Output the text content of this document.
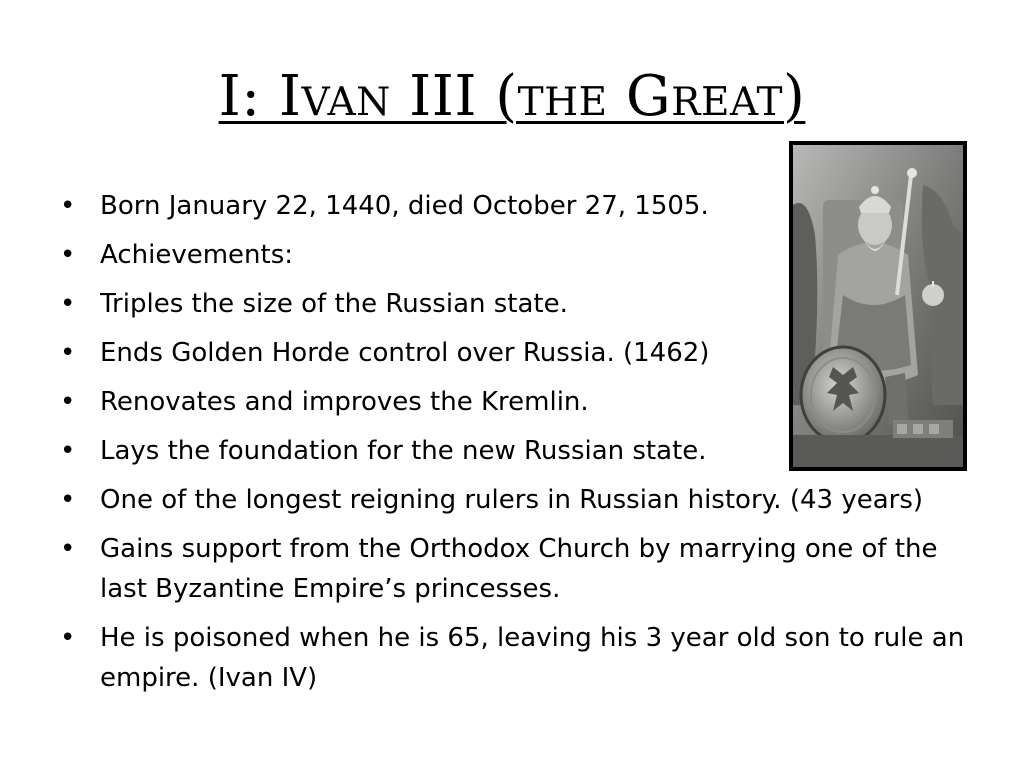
I: Ivan III (the Great)
• Born January 22, 1440, died October 27, 1505.
• Achievements:
• Triples the size of the Russian state.
• Ends Golden Horde control over Russia. (1462)
• Renovates and improves the Kremlin.
• Lays the foundation for the new Russian state.
• One of the longest reigning rulers in Russian history. (43 years)
• Gains support from the Orthodox Church by marrying one of the last Byzantine Empire’s princesses.
• He is poisoned when he is 65, leaving his 3 year old son to rule an empire. (Ivan IV)
